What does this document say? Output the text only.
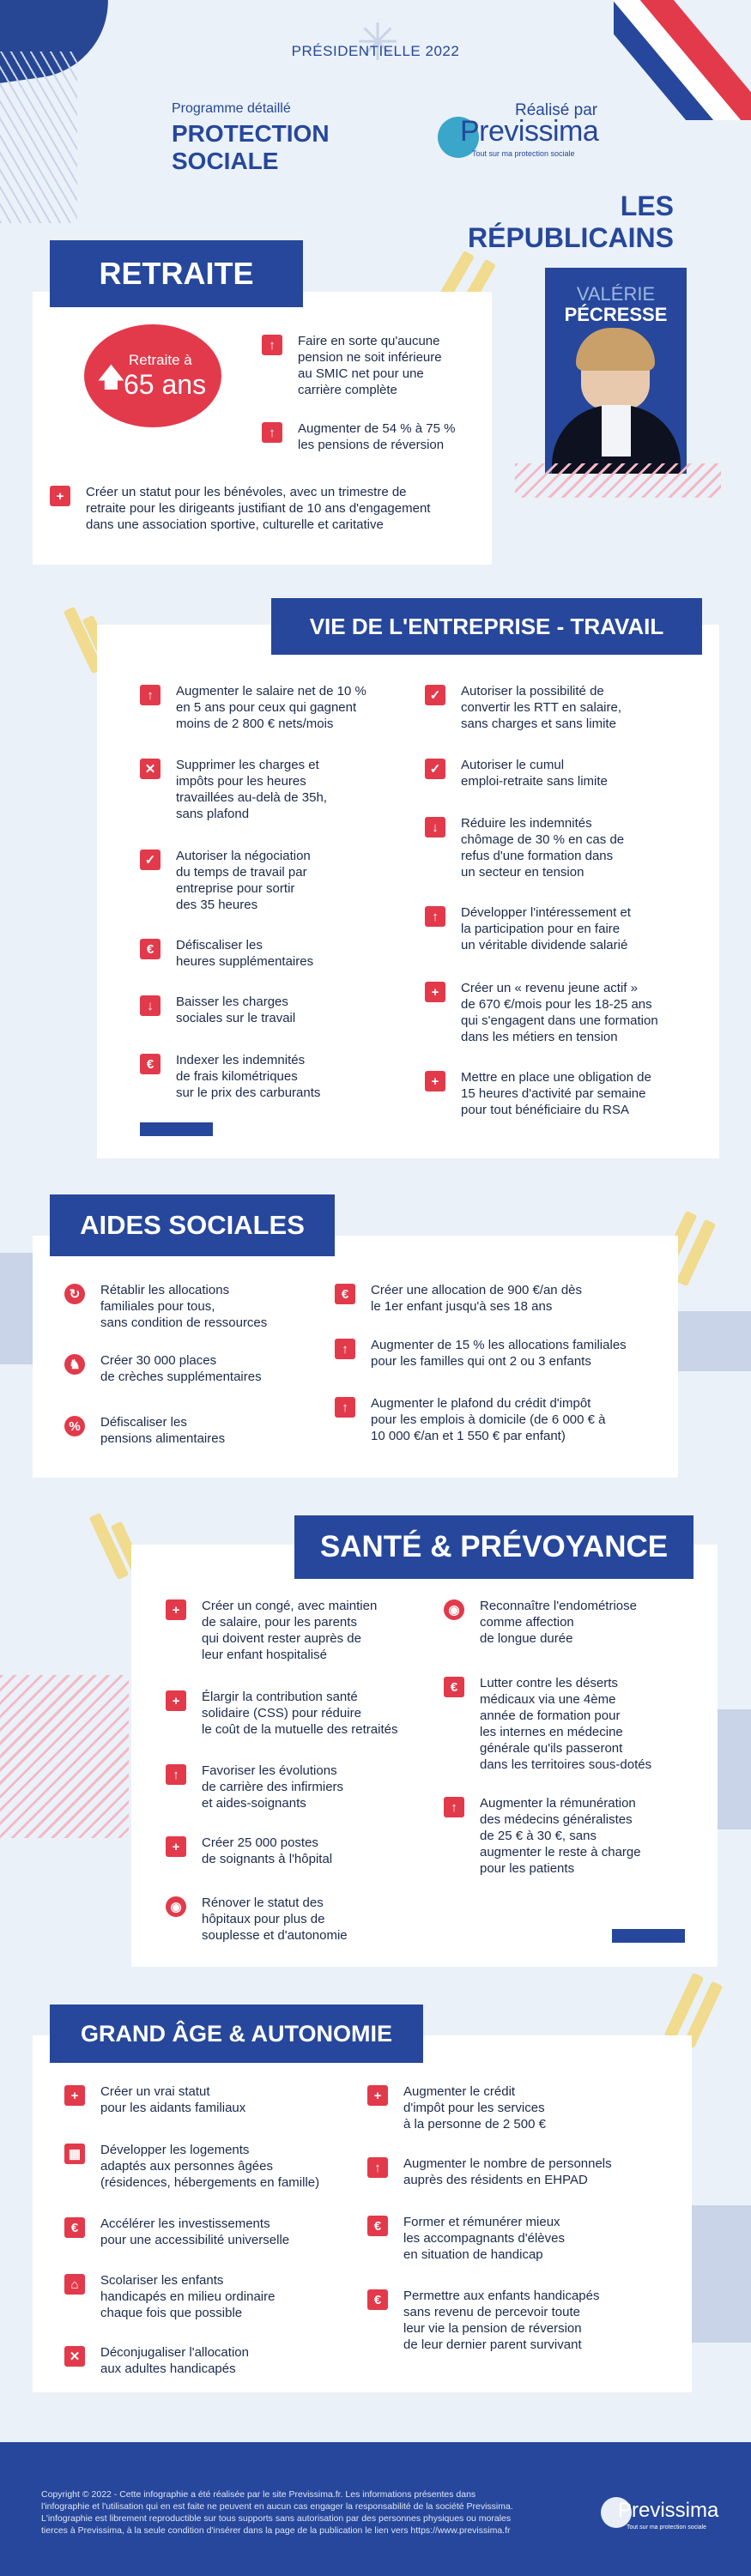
✳
PRÉSIDENTIELLE 2022
Programme détaillé
PROTECTION
SOCIALE
Réalisé par
Previssima
Tout sur ma protection sociale
LES
RÉPUBLICAINS
VALÉRIE
PÉCRESSE
RETRAITE
🡅
Retraite à
65 ans
↑	Faire en sorte qu'aucune
pension ne soit inférieure
au SMIC net pour une
carrière complète
↑	Augmenter de 54 % à 75 %
les pensions de réversion
+	Créer un statut pour les bénévoles, avec un trimestre de
retraite pour les dirigeants justifiant de 10 ans d'engagement
dans une association sportive, culturelle et caritative
VIE DE L'ENTREPRISE - TRAVAIL
↑	Augmenter le salaire net de 10 %
en 5 ans pour ceux qui gagnent
moins de 2 800 € nets/mois
✕	Supprimer les charges et
impôts pour les heures
travaillées au-delà de 35h,
sans plafond
✓	Autoriser la négociation
du temps de travail par
entreprise pour sortir
des 35 heures
€	Défiscaliser les
heures supplémentaires
↓	Baisser les charges
sociales sur le travail
€	Indexer les indemnités
de frais kilométriques
sur le prix des carburants
✓	Autoriser la possibilité de
convertir les RTT en salaire,
sans charges et sans limite
✓	Autoriser le cumul
emploi-retraite sans limite
↓	Réduire les indemnités
chômage de 30 % en cas de
refus d'une formation dans
un secteur en tension
↑	Développer l'intéressement et
la participation pour en faire
un véritable dividende salarié
+	Créer un « revenu jeune actif »
de 670 €/mois pour les 18-25 ans
qui s'engagent dans une formation
dans les métiers en tension
+	Mettre en place une obligation de
15 heures d'activité par semaine
pour tout bénéficiaire du RSA
AIDES SOCIALES
↻	Rétablir les allocations
familiales pour tous,
sans condition de ressources
♞	Créer 30 000 places
de crèches supplémentaires
%	Défiscaliser les
pensions alimentaires
€	Créer une allocation de 900 €/an dès
le 1er enfant jusqu'à ses 18 ans
↑	Augmenter de 15 % les allocations familiales
pour les familles qui ont 2 ou 3 enfants
↑	Augmenter le plafond du crédit d'impôt
pour les emplois à domicile (de 6 000 € à
10 000 €/an et 1 550 € par enfant)
SANTÉ & PRÉVOYANCE
+	Créer un congé, avec maintien
de salaire, pour les parents
qui doivent rester auprès de
leur enfant hospitalisé
+	Élargir la contribution santé
solidaire (CSS) pour réduire
le coût de la mutuelle des retraités
↑	Favoriser les évolutions
de carrière des infirmiers
et aides-soignants
+	Créer 25 000 postes
de soignants à l'hôpital
◉	Rénover le statut des
hôpitaux pour plus de
souplesse et d'autonomie
◉	Reconnaître l'endométriose
comme affection
de longue durée
€	Lutter contre les déserts
médicaux via une 4ème
année de formation pour
les internes en médecine
générale qu'ils passeront
dans les territoires sous-dotés
↑	Augmenter la rémunération
des médecins généralistes
de 25 € à 30 €, sans
augmenter le reste à charge
pour les patients
GRAND ÂGE & AUTONOMIE
+	Créer un vrai statut
pour les aidants familiaux
▦	Développer les logements
adaptés aux personnes âgées
(résidences, hébergements en famille)
€	Accélérer les investissements
pour une accessibilité universelle
⌂	Scolariser les enfants
handicapés en milieu ordinaire
chaque fois que possible
✕	Déconjugaliser l'allocation
aux adultes handicapés
+	Augmenter le crédit
d'impôt pour les services
à la personne de 2 500 €
↑	Augmenter le nombre de personnels
auprès des résidents en EHPAD
€	Former et rémunérer mieux
les accompagnants d'élèves
en situation de handicap
€	Permettre aux enfants handicapés
sans revenu de percevoir toute
leur vie la pension de réversion
de leur dernier parent survivant
Copyright © 2022 - Cette infographie a été réalisée par le site Previssima.fr. Les informations présentes dans
l'infographie et l'utilisation qui en est faite ne peuvent en aucun cas engager la responsabilité de la société Previssima.
L'infographie est librement reproductible sur tous supports sans autorisation par des personnes physiques ou morales
tierces à Previssima, à la seule condition d'insérer dans la page de la publication le lien vers https://www.previssima.fr
Previssima
Tout sur ma protection sociale
